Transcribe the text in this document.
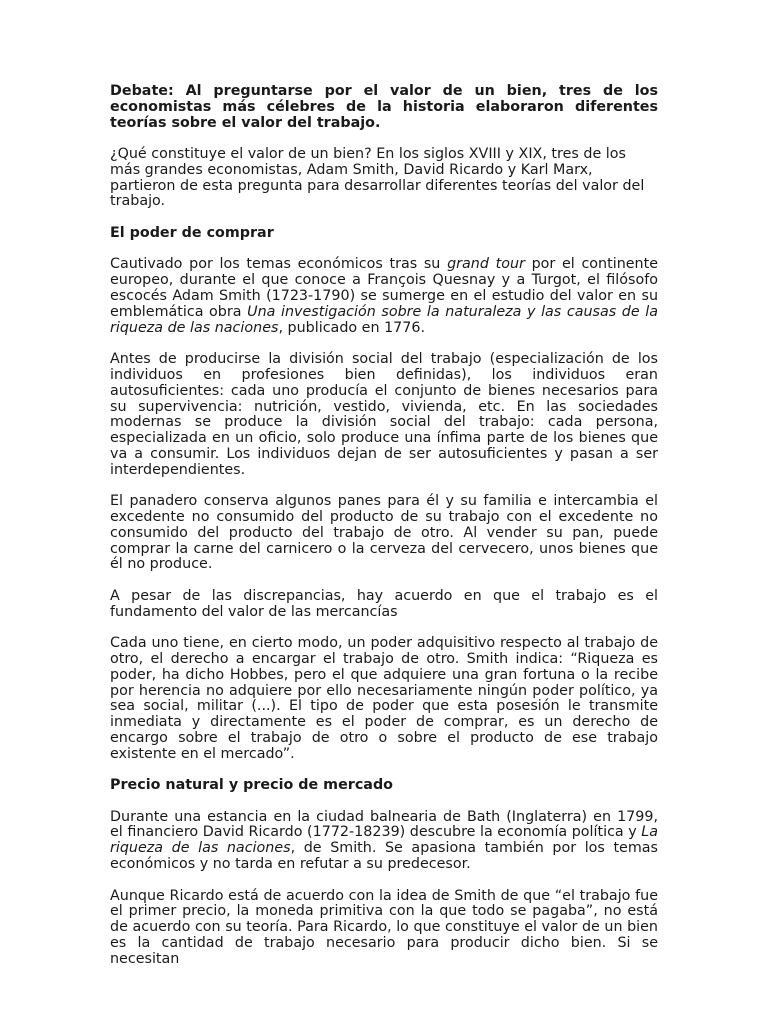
Debate: Al preguntarse por el valor de un bien, tres de los economistas más célebres de la historia elaboraron diferentes teorías sobre el valor del trabajo.

¿Qué constituye el valor de un bien? En los siglos XVIII y XIX, tres de los más grandes economistas, Adam Smith, David Ricardo y Karl Marx, partieron de esta pregunta para desarrollar diferentes teorías del valor del trabajo.

El poder de comprar

Cautivado por los temas económicos tras su grand tour por el continente europeo, durante el que conoce a François Quesnay y a Turgot, el filósofo escocés Adam Smith (1723-1790) se sumerge en el estudio del valor en su emblemática obra Una investigación sobre la naturaleza y las causas de la riqueza de las naciones, publicado en 1776.

Antes de producirse la división social del trabajo (especialización de los individuos en profesiones bien definidas), los individuos eran autosuficientes: cada uno producía el conjunto de bienes necesarios para su supervivencia: nutrición, vestido, vivienda, etc. En las sociedades modernas se produce la división social del trabajo: cada persona, especializada en un oficio, solo produce una ínfima parte de los bienes que va a consumir. Los individuos dejan de ser autosuficientes y pasan a ser interdependientes.

El panadero conserva algunos panes para él y su familia e intercambia el excedente no consumido del producto de su trabajo con el excedente no consumido del producto del trabajo de otro. Al vender su pan, puede comprar la carne del carnicero o la cerveza del cervecero, unos bienes que él no produce.

A pesar de las discrepancias, hay acuerdo en que el trabajo es el fundamento del valor de las mercancías

Cada uno tiene, en cierto modo, un poder adquisitivo respecto al trabajo de otro, el derecho a encargar el trabajo de otro. Smith indica: “Riqueza es poder, ha dicho Hobbes, pero el que adquiere una gran fortuna o la recibe por herencia no adquiere por ello necesariamente ningún poder político, ya sea social, militar (...). El tipo de poder que esta posesión le transmite inmediata y directamente es el poder de comprar, es un derecho de encargo sobre el trabajo de otro o sobre el producto de ese trabajo existente en el mercado”.

Precio natural y precio de mercado

Durante una estancia en la ciudad balnearia de Bath (Inglaterra) en 1799, el financiero David Ricardo (1772-18239) descubre la economía política y La riqueza de las naciones, de Smith. Se apasiona también por los temas económicos y no tarda en refutar a su predecesor.

Aunque Ricardo está de acuerdo con la idea de Smith de que “el trabajo fue el primer precio, la moneda primitiva con la que todo se pagaba”, no está de acuerdo con su teoría. Para Ricardo, lo que constituye el valor de un bien es la cantidad de trabajo necesario para producir dicho bien. Si se necesitan
